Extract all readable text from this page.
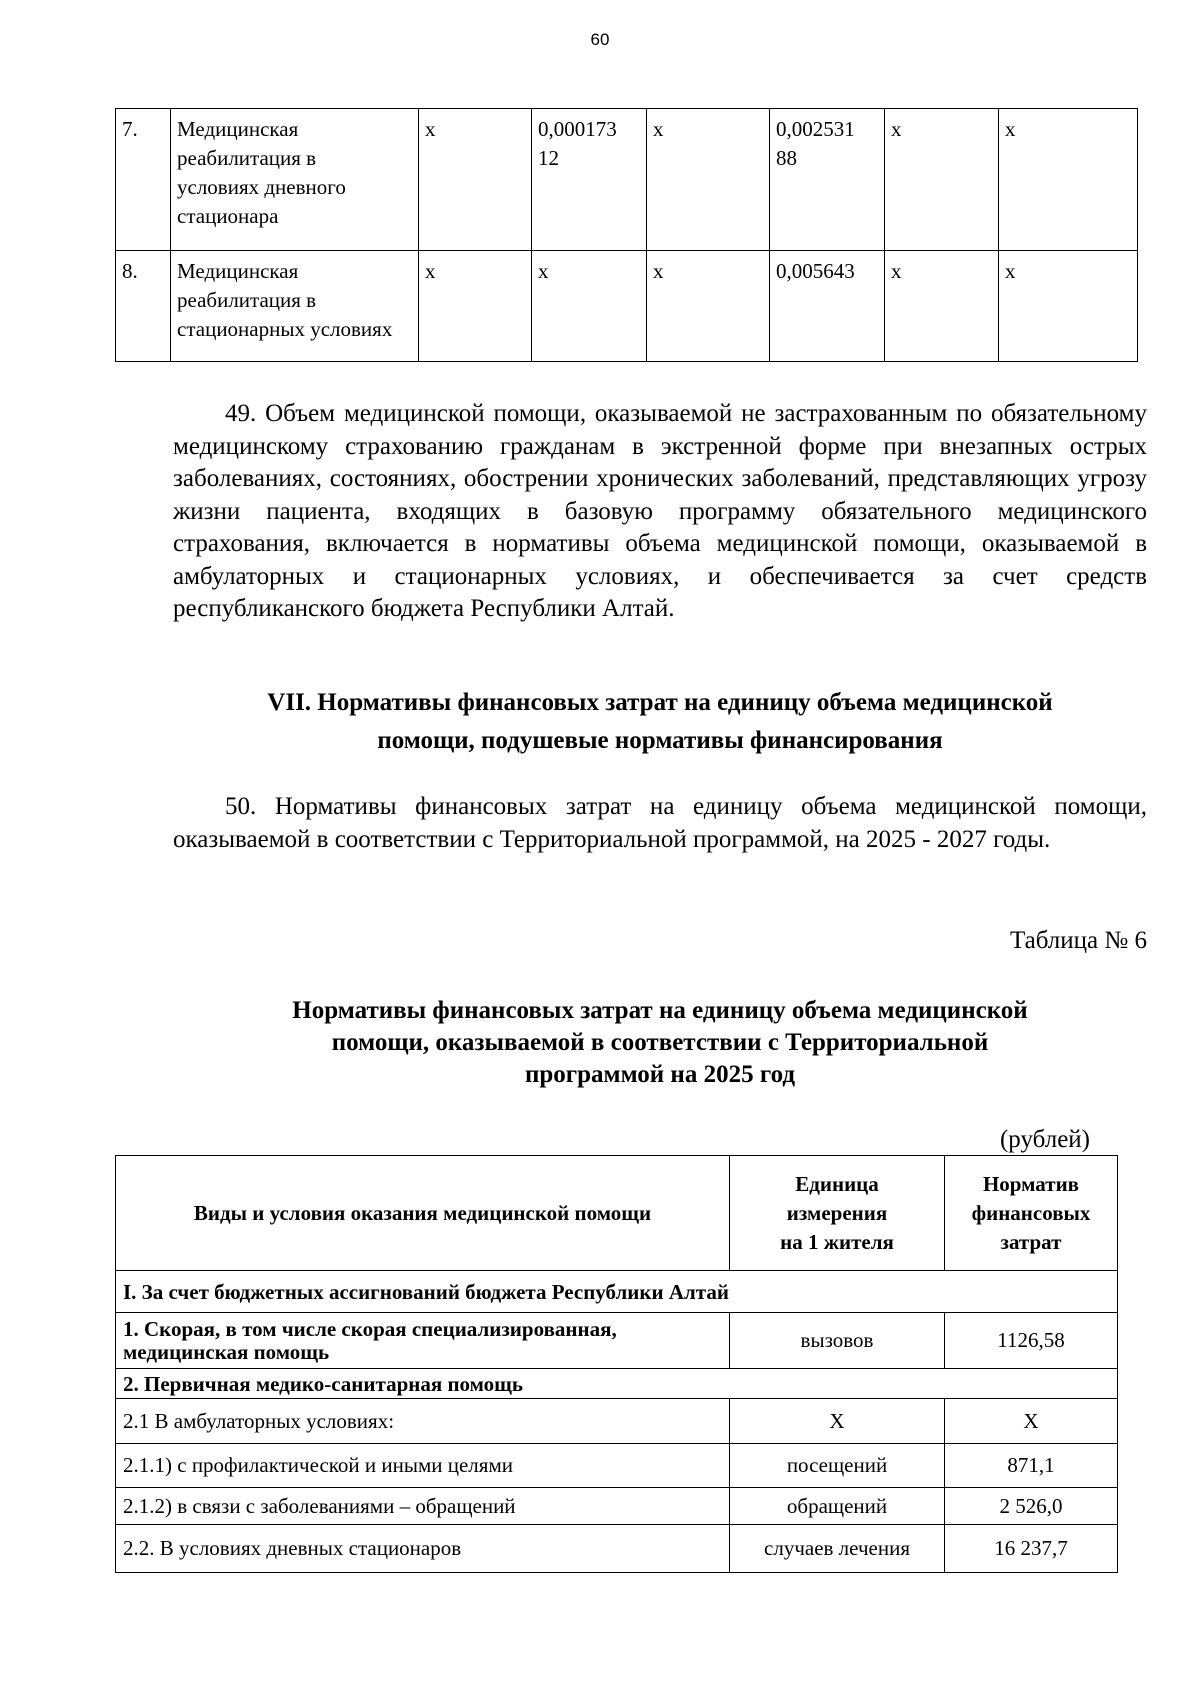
60
7.	Медицинская
реабилитация в
условиях дневного
стационара	x	0,000173 12	x	0,002531 88	x	x
8.	Медицинская
реабилитация в
стационарных условиях	x	x	x	0,005643	x	x

49. Объем медицинской помощи, оказываемой не застрахованным по обязательному медицинскому страхованию гражданам в экстренной форме при внезапных острых заболеваниях, состояниях, обострении хронических заболеваний, представляющих угрозу жизни пациента, входящих в базовую программу обязательного медицинского страхования, включается в нормативы объема медицинской помощи, оказываемой в амбулаторных и стационарных условиях, и обеспечивается за счет средств республиканского бюджета Республики Алтай.

VII. Нормативы финансовых затрат на единицу объема медицинской
помощи, подушевые нормативы финансирования

50. Нормативы финансовых затрат на единицу объема медицинской помощи, оказываемой в соответствии с Территориальной программой, на 2025 - 2027 годы.

Таблица № 6
Нормативы финансовых затрат на единицу объема медицинской
помощи, оказываемой в соответствии с Территориальной
программой на 2025 год
(рублей)
Виды и условия оказания медицинской помощи	Единица
измерения
на 1 жителя	Норматив
финансовых
затрат
I. За счет бюджетных ассигнований бюджета Республики Алтай		
1. Скорая, в том числе скорая специализированная,
медицинская помощь	вызовов	1126,58
2. Первичная медико-санитарная помощь		
2.1 В амбулаторных условиях:	X	X
2.1.1) с профилактической и иными целями	посещений	871,1
2.1.2) в связи с заболеваниями – обращений	обращений	2 526,0
2.2. В условиях дневных стационаров	случаев лечения	16 237,7
